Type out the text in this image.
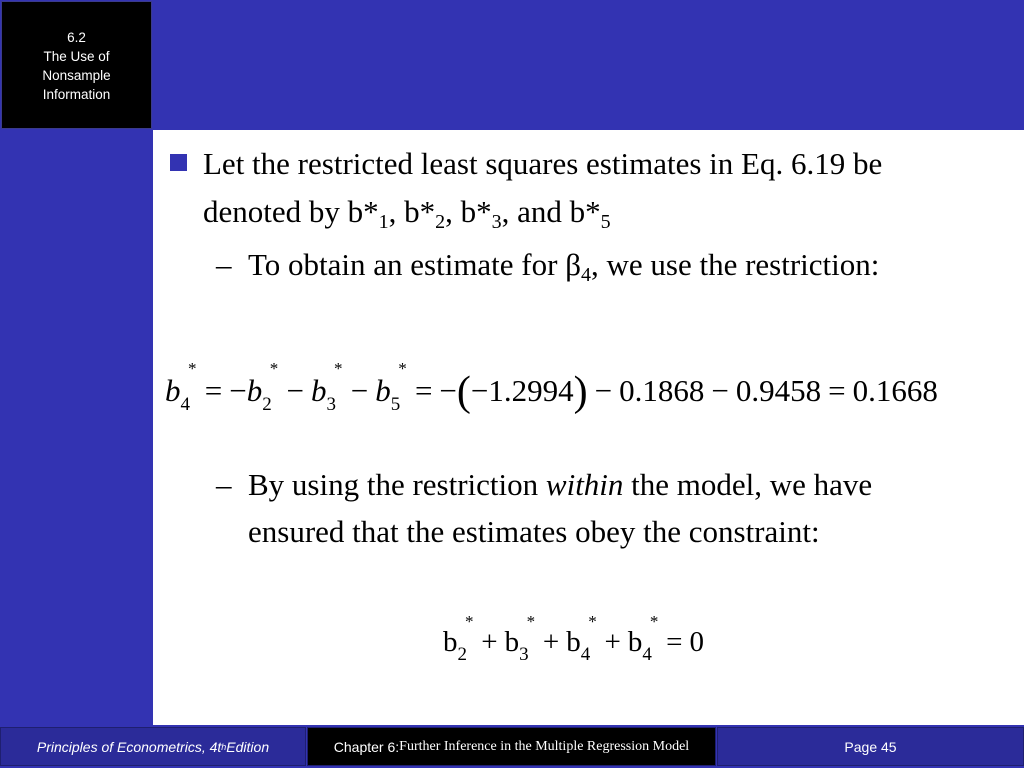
6.2
The Use of
Nonsample
Information
Let the restricted least squares estimates in Eq. 6.19 be denoted by $b*_1$, $b*_2$, $b*_3$, and $b*_5$
– To obtain an estimate for $\beta_4$, we use the restriction:
– By using the restriction within the model, we have ensured that the estimates obey the constraint:
b
*
$_4$ = −b
*
$_2$ − b
*
$_3$ − b
*
$_5$ = −(−1.2994) − 0.1868 − 0.9458 = 0.1668
b
*
$_2$ + b
*
$_3$ + b
*
$_4$ + b
*
$_4$ = 0
Principles of Econometrics, 4t h Edition	Chapter 6: Further Inference in the Multiple Regression Model	Page 45
